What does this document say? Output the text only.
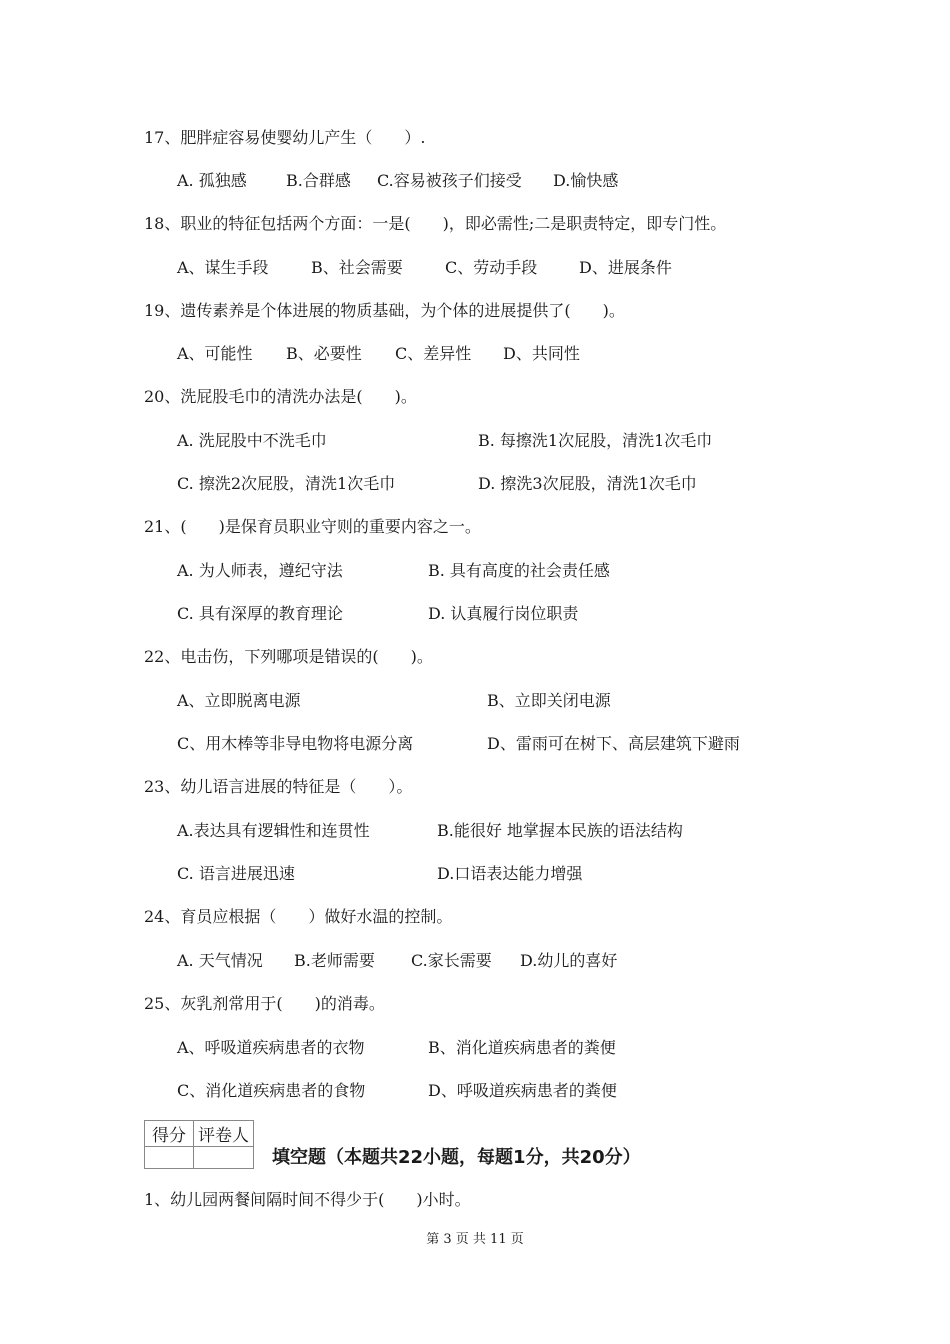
17、肥胖症容易使婴幼儿产生（　　）.
A. 孤独感 B.合群感 C.容易被孩子们接受 D.愉快感
18、职业的特征包括两个方面：一是(　　)，即必需性;二是职责特定，即专门性。
A、谋生手段	B、社会需要	C、劳动手段	D、进展条件
19、遗传素养是个体进展的物质基础，为个体的进展提供了(　　)。
A、可能性 B、必要性 C、差异性 D、共同性
20、洗屁股毛巾的清洗办法是(　　)。
A. 洗屁股中不洗毛巾	B. 每擦洗1次屁股，清洗1次毛巾
C. 擦洗2次屁股，清洗1次毛巾	D. 擦洗3次屁股，清洗1次毛巾
21、(　　)是保育员职业守则的重要内容之一。
A. 为人师表，遵纪守法	B. 具有高度的社会责任感
C. 具有深厚的教育理论	D. 认真履行岗位职责
22、电击伤，下列哪项是错误的(　　)。
A、立即脱离电源	B、立即关闭电源
C、用木棒等非导电物将电源分离	D、雷雨可在树下、高层建筑下避雨
23、幼儿语言进展的特征是（　　）。
A.表达具有逻辑性和连贯性	B.能很好 地掌握本民族的语法结构
C. 语言进展迅速	D.口语表达能力增强
24、育员应根据（　　）做好水温的控制。
A. 天气情况 B.老师需要 C.家长需要 D.幼儿的喜好
25、灰乳剂常用于(　　)的消毒。
A、呼吸道疾病患者的衣物	B、消化道疾病患者的粪便
C、消化道疾病患者的食物	D、呼吸道疾病患者的粪便
得分	评卷人

填空题（本题共22小题，每题1分，共20分）
1、幼儿园两餐间隔时间不得少于(　　)小时。
第 3 页 共 11 页
